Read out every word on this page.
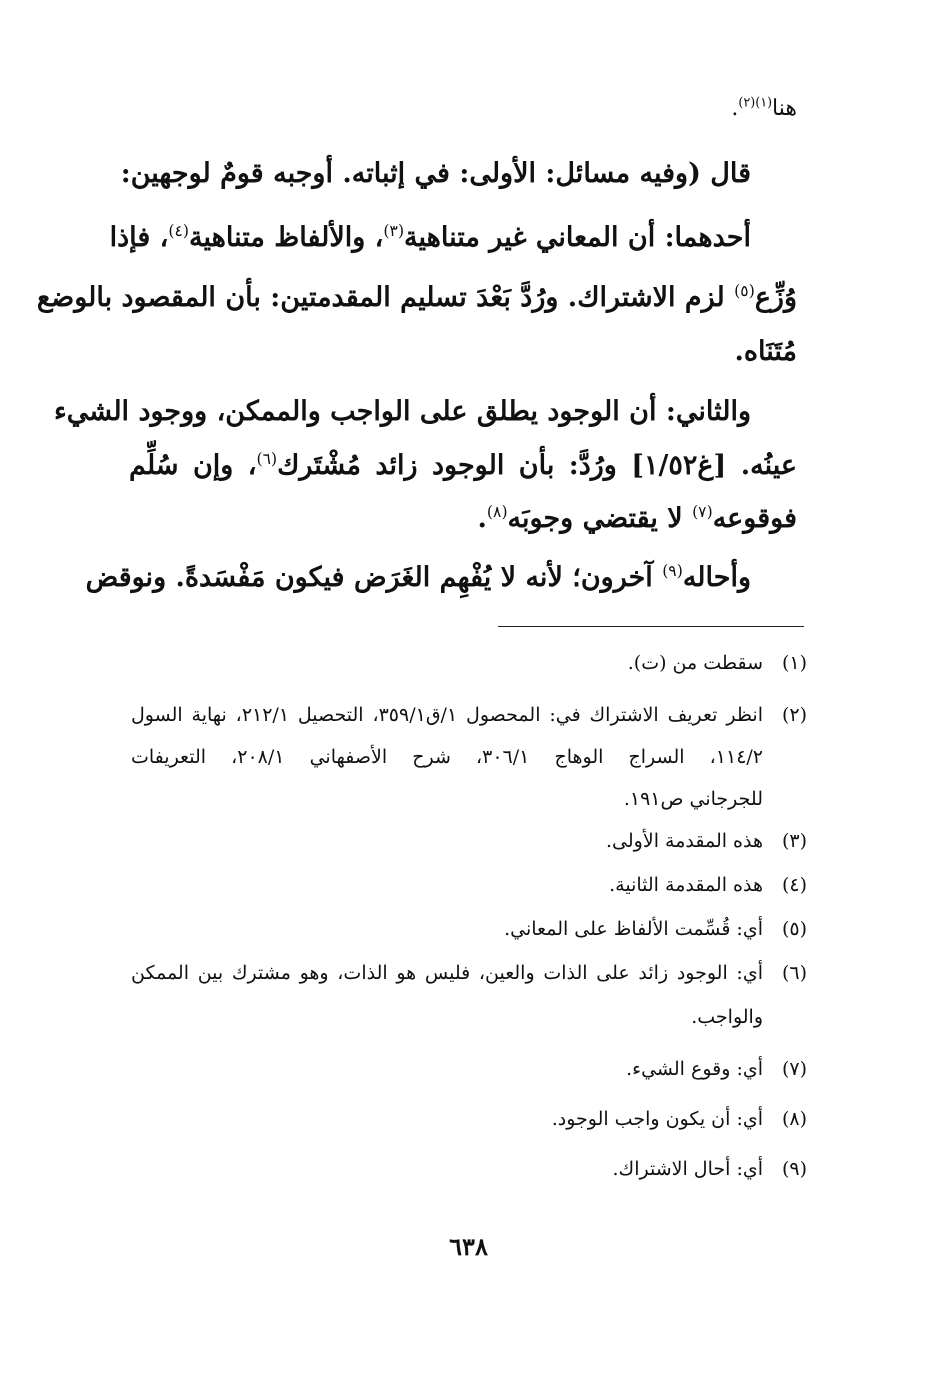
هنا$^{(١)(٢)}$.
قال (وفيه مسائل: الأولى: في إثباته. أوجبه قومٌ لوجهين:
أحدهما: أن المعاني غير متناهية$^{(٣)}$، والألفاظ متناهية$^{(٤)}$، فإذا
وُزِّع$^{(٥)}$ لزم الاشتراك. ورُدَّ بَعْدَ تسليم المقدمتين: بأن المقصود بالوضع
مُتَنَاه.
والثاني: أن الوجود يطلق على الواجب والممكن، ووجود الشيء
عينُه. [غ١/٥٢] ورُدَّ: بأن الوجود زائد مُشْتَرك$^{(٦)}$، وإن سُلِّم
فوقوعه$^{(٧)}$ لا يقتضي وجوبَه$^{(٨)}$.
وأحاله$^{(٩)}$ آخرون؛ لأنه لا يُفْهِم الغَرَض فيكون مَفْسَدةً. ونوقض
(١)سقطت من (ت).
(٢)انظر تعريف الاشتراك في: المحصول ١/ق٣٥٩/١، التحصيل ٢١٢/١، نهاية السول
١١٤/٢، السراج الوهاج ٣٠٦/١، شرح الأصفهاني ٢٠٨/١، التعريفات
للجرجاني ص١٩١.
(٣)هذه المقدمة الأولى.
(٤)هذه المقدمة الثانية.
(٥)أي: قُسِّمت الألفاظ على المعاني.
(٦)أي: الوجود زائد على الذات والعين، فليس هو الذات، وهو مشترك بين الممكن
والواجب.
(٧)أي: وقوع الشيء.
(٨)أي: أن يكون واجب الوجود.
(٩)أي: أحال الاشتراك.
٦٣٨
